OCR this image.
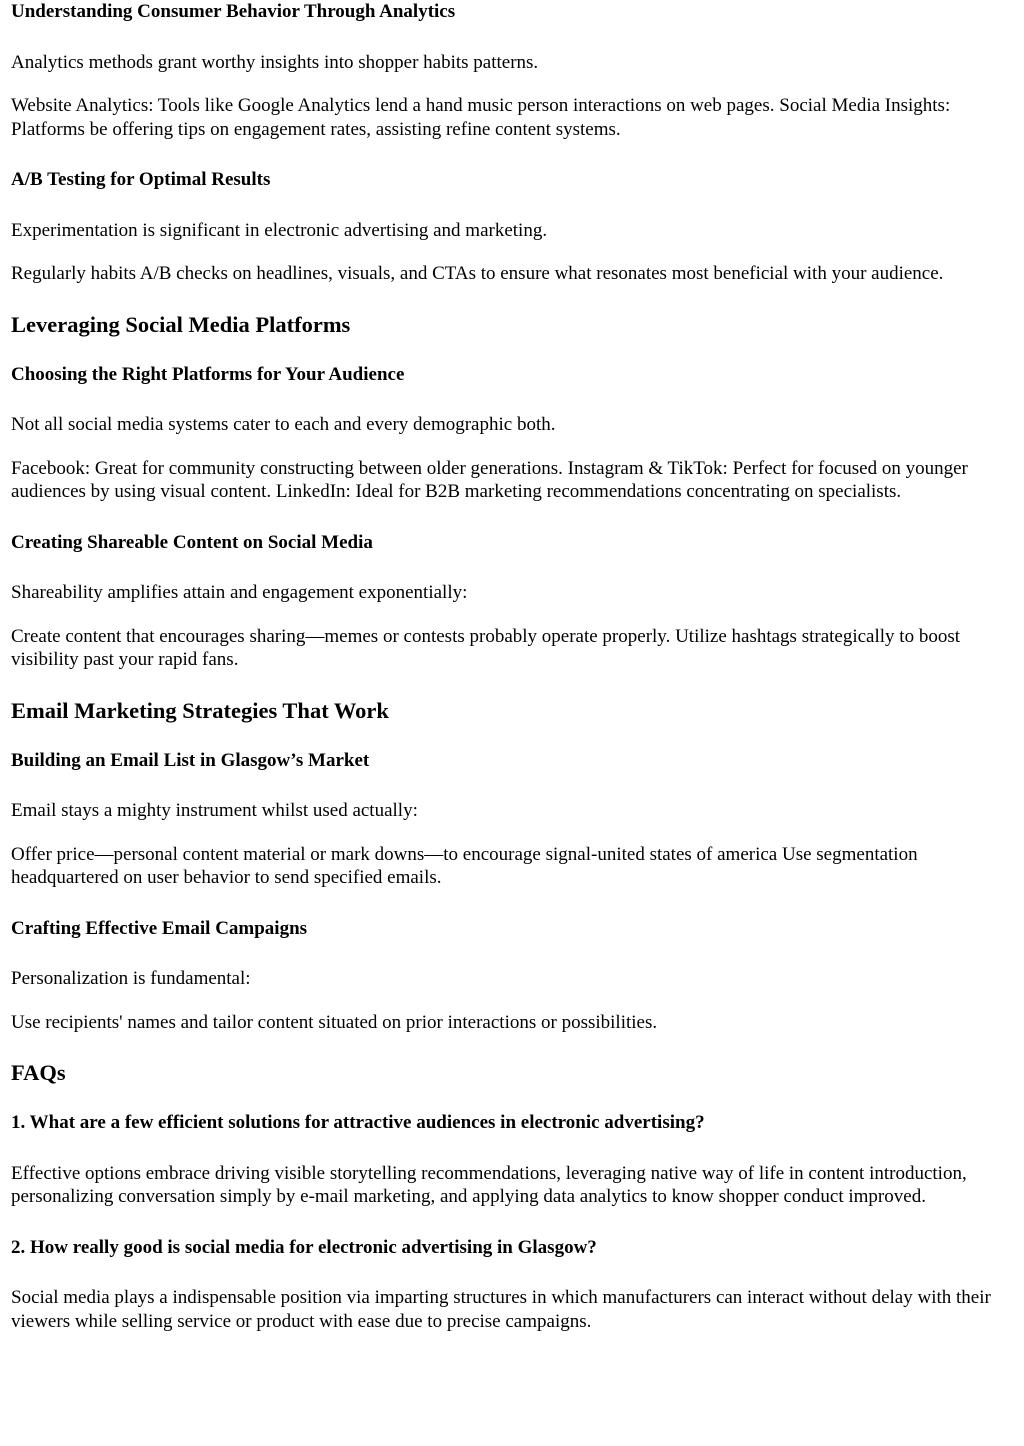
Understanding Consumer Behavior Through Analytics

Analytics methods grant worthy insights into shopper habits patterns.

Website Analytics: Tools like Google Analytics lend a hand music person interactions on web pages. Social Media Insights: Platforms be offering tips on engagement rates, assisting refine content systems.
A/B Testing for Optimal Results

Experimentation is significant in electronic advertising and marketing.

Regularly habits A/B checks on headlines, visuals, and CTAs to ensure what resonates most beneficial with your audience.
Leveraging Social Media Platforms
Choosing the Right Platforms for Your Audience

Not all social media systems cater to each and every demographic both.

Facebook: Great for community constructing between older generations. Instagram & TikTok: Perfect for focused on younger audiences by using visual content. LinkedIn: Ideal for B2B marketing recommendations concentrating on specialists.

Creating Shareable Content on Social Media

Shareability amplifies attain and engagement exponentially:

Create content that encourages sharing—memes or contests probably operate properly. Utilize hashtags strategically to boost visibility past your rapid fans.
Email Marketing Strategies That Work
Building an Email List in Glasgow’s Market

Email stays a mighty instrument whilst used actually:

Offer price—personal content material or mark downs—to encourage signal-united states of america Use segmentation headquartered on user behavior to send specified emails.

Crafting Effective Email Campaigns

Personalization is fundamental:

Use recipients' names and tailor content situated on prior interactions or possibilities.
FAQs
1. What are a few efficient solutions for attractive audiences in electronic advertising?

Effective options embrace driving visible storytelling recommendations, leveraging native way of life in content introduction, personalizing conversation simply by e-mail marketing, and applying data analytics to know shopper conduct improved.

2. How really good is social media for electronic advertising in Glasgow?

Social media plays a indispensable position via imparting structures in which manufacturers can interact without delay with their viewers while selling service or product with ease due to precise campaigns.
